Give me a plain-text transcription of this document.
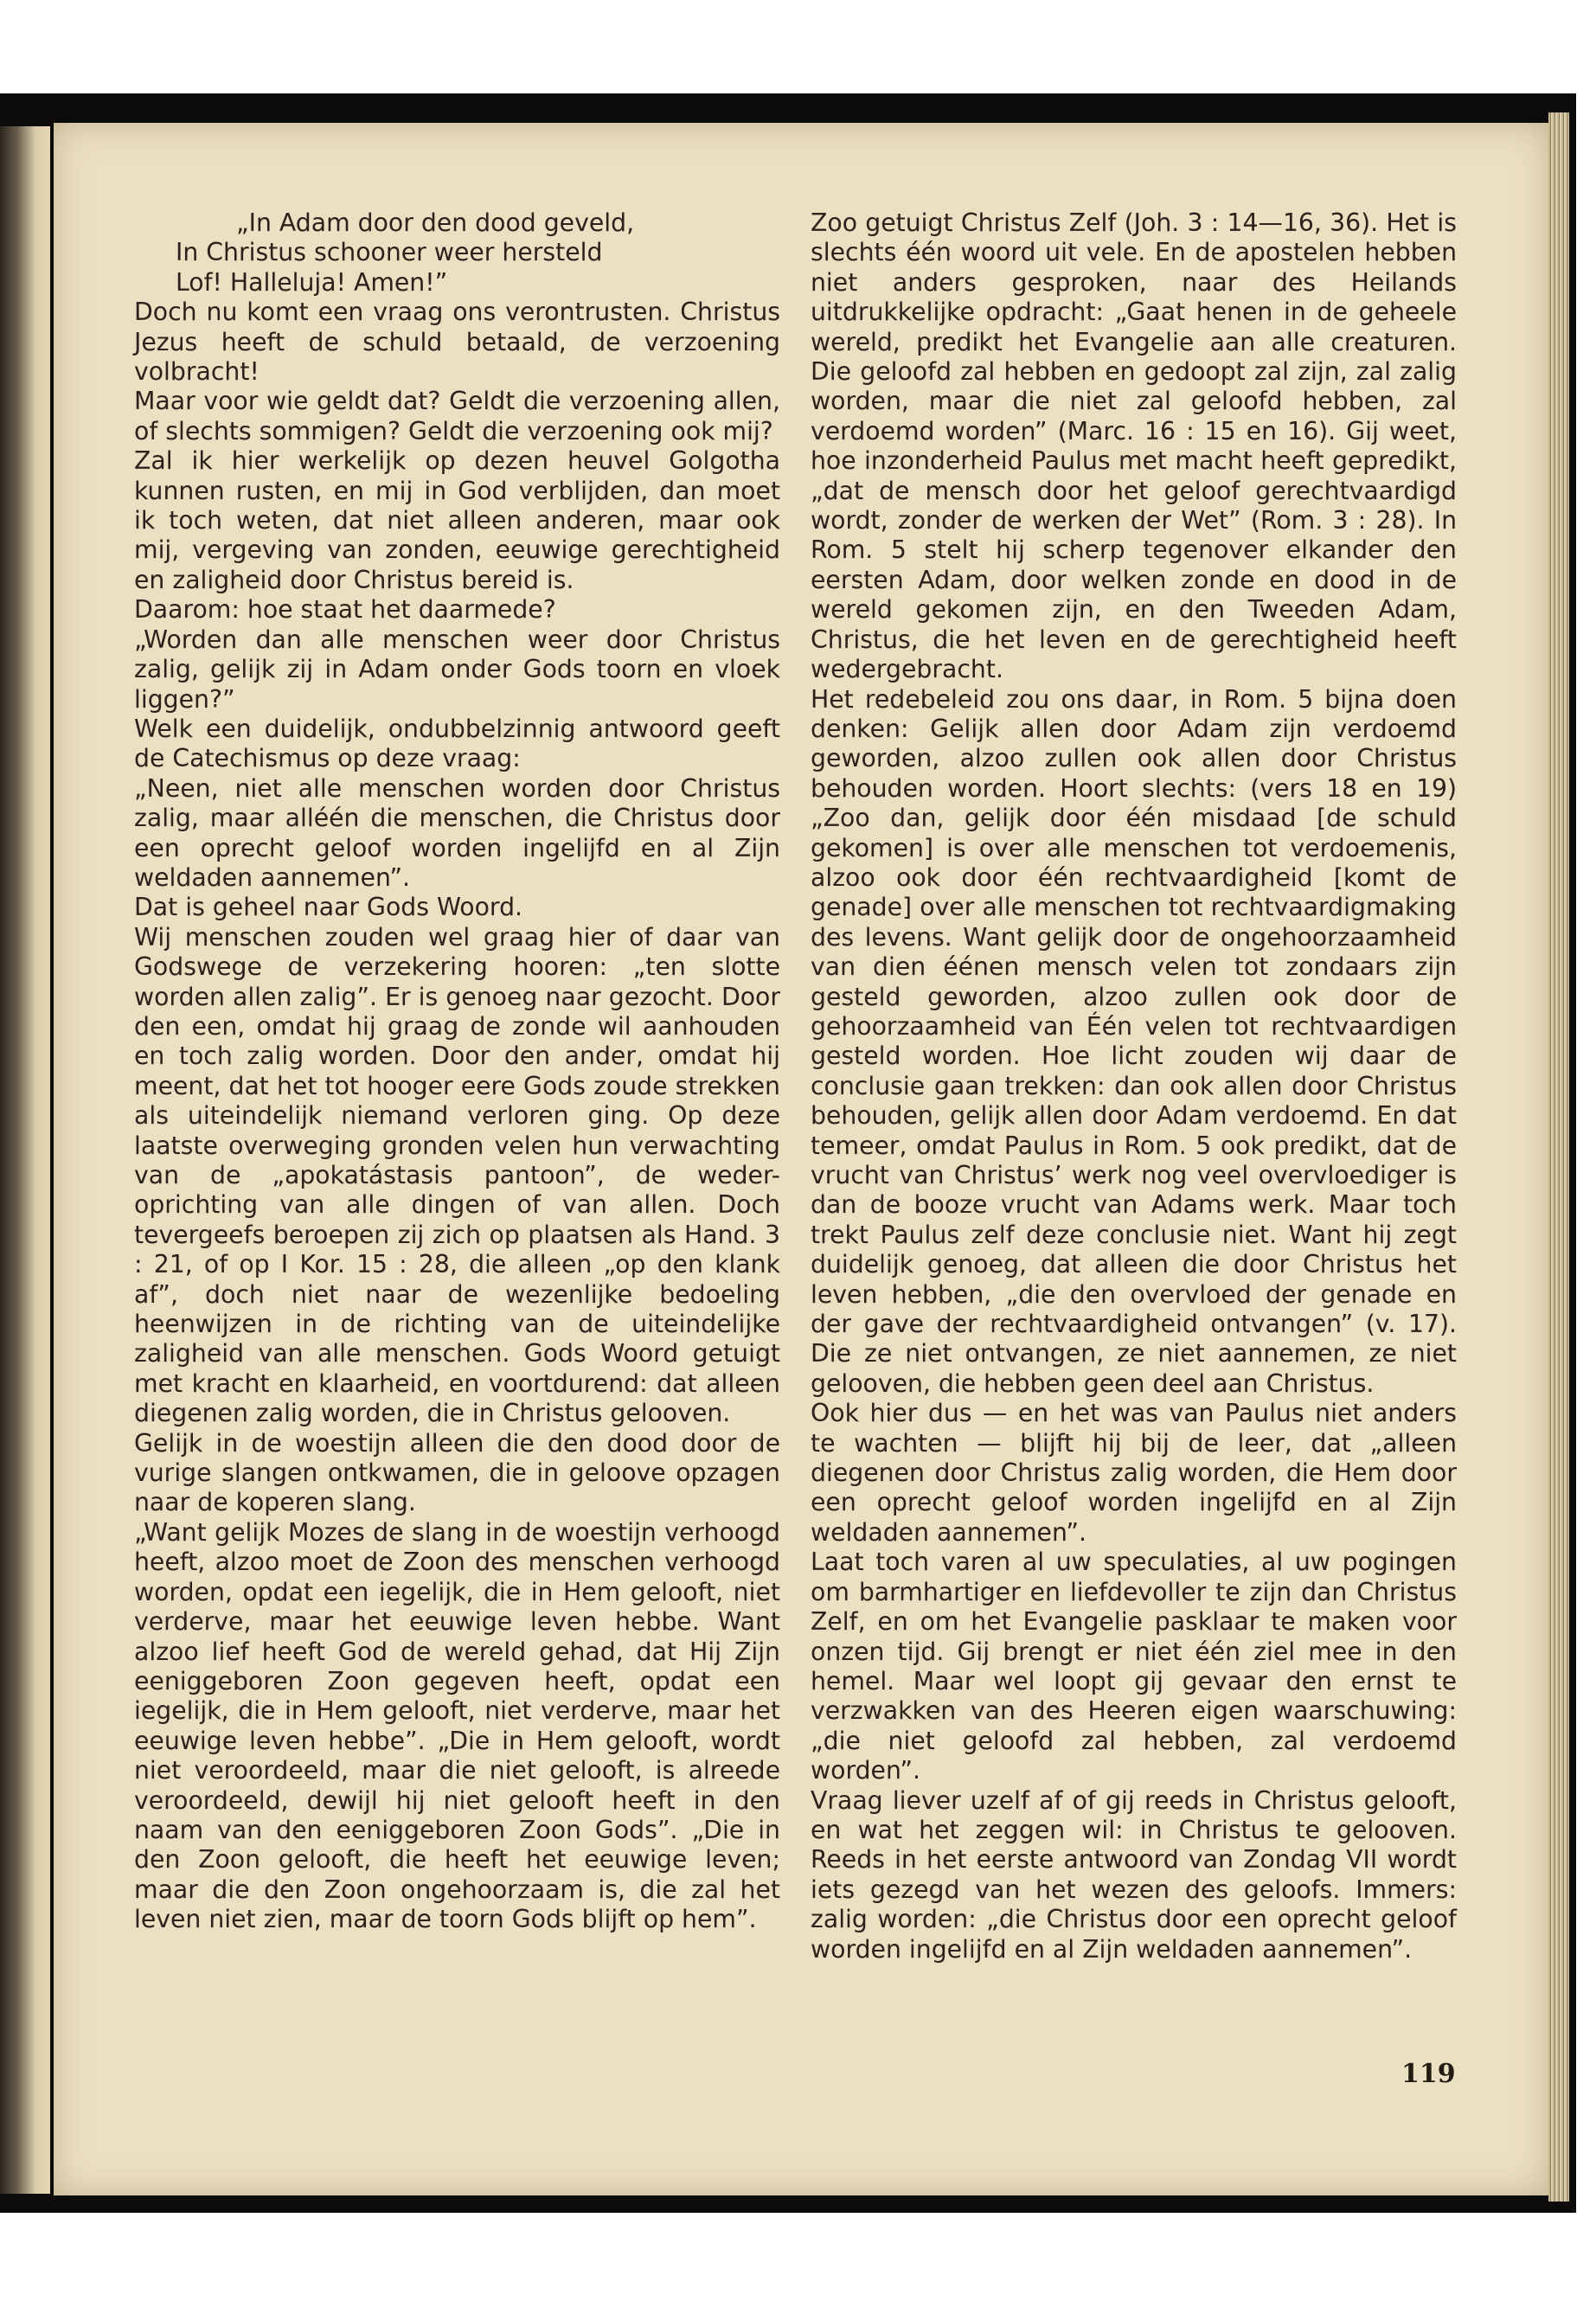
„In Adam door den dood geveld,
In Christus schooner weer hersteld
Lof! Halleluja! Amen!”

Doch nu komt een vraag ons verontrusten. Christus Jezus heeft de schuld betaald, de verzoening volbracht!

Maar voor wie geldt dat? Geldt die verzoening allen, of slechts sommigen? Geldt die verzoening ook mij?

Zal ik hier werkelijk op dezen heuvel Golgotha kunnen rusten, en mij in God verblijden, dan moet ik toch weten, dat niet alleen anderen, maar ook mij, vergeving van zonden, eeuwige gerechtigheid en zaligheid door Christus bereid is.

Daarom: hoe staat het daarmede?

„Worden dan alle menschen weer door Christus zalig, gelijk zij in Adam onder Gods toorn en vloek liggen?”

Welk een duidelijk, ondubbelzinnig antwoord geeft de Catechismus op deze vraag:

„Neen, niet alle menschen worden door Christus zalig, maar alléén die menschen, die Christus door een oprecht geloof worden ingelijfd en al Zijn weldaden aannemen”.

Dat is geheel naar Gods Woord.

Wij menschen zouden wel graag hier of daar van Godswege de verzekering hooren: „ten slotte worden allen zalig”. Er is genoeg naar gezocht. Door den een, omdat hij graag de zonde wil aanhouden en toch zalig worden. Door den ander, omdat hij meent, dat het tot hooger eere Gods zoude strekken als uiteindelijk niemand verloren ging. Op deze laatste overweging gronden velen hun verwachting van de „apokatástasis pantoon”, de weder-oprichting van alle dingen of van allen. Doch tevergeefs beroepen zij zich op plaatsen als Hand. 3 : 21, of op I Kor. 15 : 28, die alleen „op den klank af”, doch niet naar de wezenlijke bedoeling heenwijzen in de richting van de uiteindelijke zaligheid van alle menschen. Gods Woord getuigt met kracht en klaarheid, en voortdurend: dat alleen diegenen zalig worden, die in Christus gelooven.

Gelijk in de woestijn alleen die den dood door de vurige slangen ontkwamen, die in geloove opzagen naar de koperen slang.

„Want gelijk Mozes de slang in de woestijn verhoogd heeft, alzoo moet de Zoon des menschen verhoogd worden, opdat een iegelijk, die in Hem gelooft, niet verderve, maar het eeuwige leven hebbe. Want alzoo lief heeft God de wereld gehad, dat Hij Zijn eeniggeboren Zoon gegeven heeft, opdat een iegelijk, die in Hem gelooft, niet verderve, maar het eeuwige leven hebbe”. „Die in Hem gelooft, wordt niet veroordeeld, maar die niet gelooft, is alreede veroordeeld, dewijl hij niet gelooft heeft in den naam van den eeniggeboren Zoon Gods”. „Die in den Zoon gelooft, die heeft het eeuwige leven; maar die den Zoon ongehoorzaam is, die zal het leven niet zien, maar de toorn Gods blijft op hem”.

Zoo getuigt Christus Zelf (Joh. 3 : 14—16, 36). Het is slechts één woord uit vele. En de apostelen hebben niet anders gesproken, naar des Heilands uitdrukkelijke opdracht: „Gaat henen in de geheele wereld, predikt het Evangelie aan alle creaturen. Die geloofd zal hebben en gedoopt zal zijn, zal zalig worden, maar die niet zal geloofd hebben, zal verdoemd worden” (Marc. 16 : 15 en 16). Gij weet, hoe inzonderheid Paulus met macht heeft gepredikt, „dat de mensch door het geloof gerechtvaardigd wordt, zonder de werken der Wet” (Rom. 3 : 28). In Rom. 5 stelt hij scherp tegenover elkander den eersten Adam, door welken zonde en dood in de wereld gekomen zijn, en den Tweeden Adam, Christus, die het leven en de gerechtigheid heeft wedergebracht.

Het redebeleid zou ons daar, in Rom. 5 bijna doen denken: Gelijk allen door Adam zijn verdoemd geworden, alzoo zullen ook allen door Christus behouden worden. Hoort slechts: (vers 18 en 19) „Zoo dan, gelijk door één misdaad [de schuld gekomen] is over alle menschen tot verdoemenis, alzoo ook door één rechtvaardigheid [komt de genade] over alle menschen tot rechtvaardigmaking des levens. Want gelijk door de ongehoorzaamheid van dien éénen mensch velen tot zondaars zijn gesteld geworden, alzoo zullen ook door de gehoorzaamheid van Één velen tot rechtvaardigen gesteld worden. Hoe licht zouden wij daar de conclusie gaan trekken: dan ook allen door Christus behouden, gelijk allen door Adam verdoemd. En dat temeer, omdat Paulus in Rom. 5 ook predikt, dat de vrucht van Christus’ werk nog veel overvloediger is dan de booze vrucht van Adams werk. Maar toch trekt Paulus zelf deze conclusie niet. Want hij zegt duidelijk genoeg, dat alleen die door Christus het leven hebben, „die den overvloed der genade en der gave der rechtvaardigheid ontvangen” (v. 17). Die ze niet ontvangen, ze niet aannemen, ze niet gelooven, die hebben geen deel aan Christus.

Ook hier dus — en het was van Paulus niet anders te wachten — blijft hij bij de leer, dat „alleen diegenen door Christus zalig worden, die Hem door een oprecht geloof worden ingelijfd en al Zijn weldaden aannemen”.

Laat toch varen al uw speculaties, al uw pogingen om barmhartiger en liefdevoller te zijn dan Christus Zelf, en om het Evangelie pasklaar te maken voor onzen tijd. Gij brengt er niet één ziel mee in den hemel. Maar wel loopt gij gevaar den ernst te verzwakken van des Heeren eigen waarschuwing: „die niet geloofd zal hebben, zal verdoemd worden”.

Vraag liever uzelf af of gij reeds in Christus gelooft, en wat het zeggen wil: in Christus te gelooven. Reeds in het eerste antwoord van Zondag VII wordt iets gezegd van het wezen des geloofs. Immers: zalig worden: „die Christus door een oprecht geloof worden ingelijfd en al Zijn weldaden aannemen”.

119
